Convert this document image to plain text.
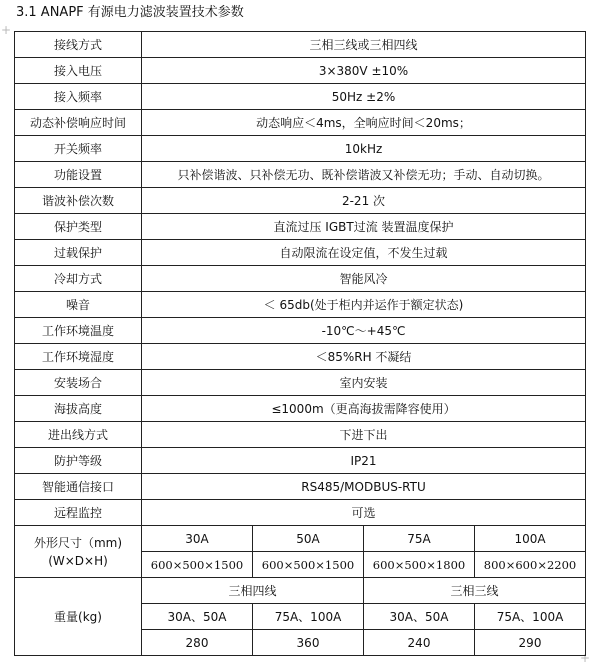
3.1 ANAPF 有源电力滤波装置技术参数
+
+
接线方式	三相三线或三相四线			
接入电压	3×380V ±10%			
接入频率	50Hz ±2%			
动态补偿响应时间	动态响应＜4ms，全响应时间＜20ms；			
开关频率	10kHz			
功能设置	只补偿谐波、只补偿无功、既补偿谐波又补偿无功；手动、自动切换。			
谐波补偿次数	2-21 次			
保护类型	直流过压 IGBT过流 装置温度保护			
过载保护	自动限流在设定值，不发生过载			
冷却方式	智能风冷			
噪音	＜ 65db(处于柜内并运作于额定状态)			
工作环境温度	-10℃～+45℃			
工作环境湿度	＜85%RH 不凝结			
安装场合	室内安装			
海拔高度	≤1000m（更高海拔需降容使用）			
进出线方式	下进下出			
防护等级	IP21			
智能通信接口	RS485/MODBUS-RTU			
远程监控	可选			

外形尺寸（mm)
(W×D×H)	30A	50A	75A	100A
	600×500×1500	600×500×1500	600×500×1800	800×600×2200
重量(kg)	三相四线		三相三线	
	30A、50A	75A、100A	30A、50A	75A、100A
	280	360	240	290
